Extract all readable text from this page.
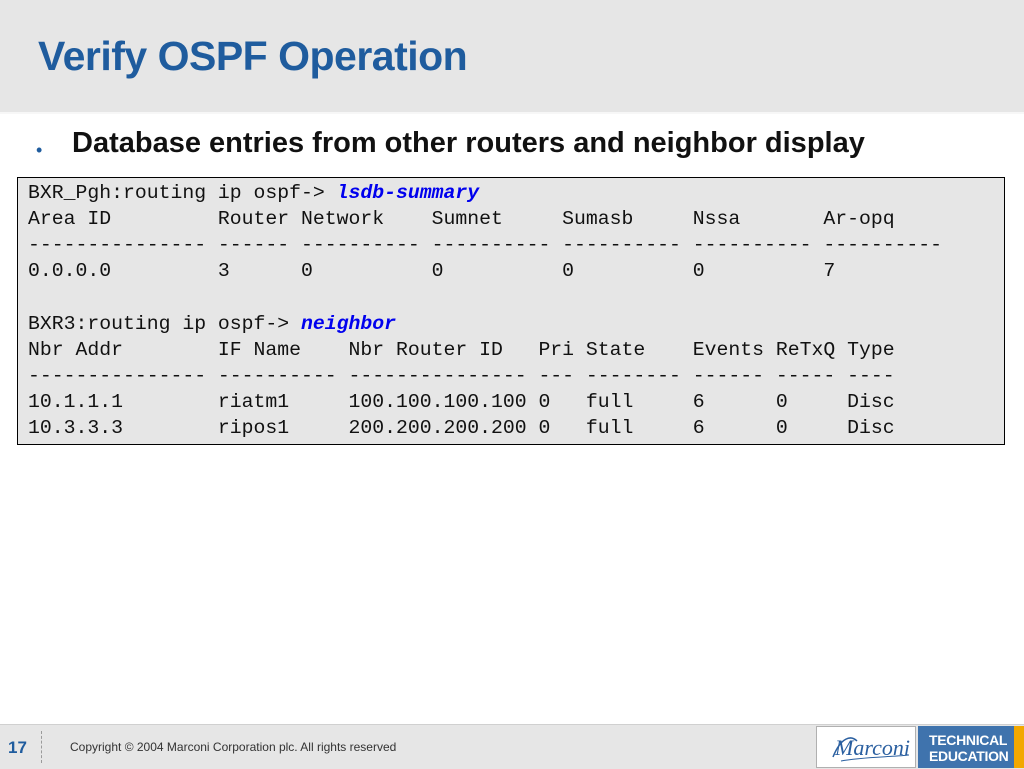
Verify OSPF Operation
• Database entries from other routers and neighbor display
BXR_Pgh:routing ip ospf-> lsdb-summary
Area ID         Router Network    Sumnet     Sumasb     Nssa       Ar-opq
--------------- ------ ---------- ---------- ---------- ---------- ----------
0.0.0.0         3      0          0          0          0          7
BXR3:routing ip ospf-> neighbor
Nbr Addr        IF Name    Nbr Router ID   Pri State    Events ReTxQ Type
--------------- ---------- --------------- --- -------- ------ ----- ----
10.1.1.1        riatm1     100.100.100.100 0   full     6      0     Disc
10.3.3.3        ripos1     200.200.200.200 0   full     6      0     Disc
17	Copyright © 2004 Marconi Corporation plc. All rights reserved	Marconi TECHNICAL
EDUCATION
